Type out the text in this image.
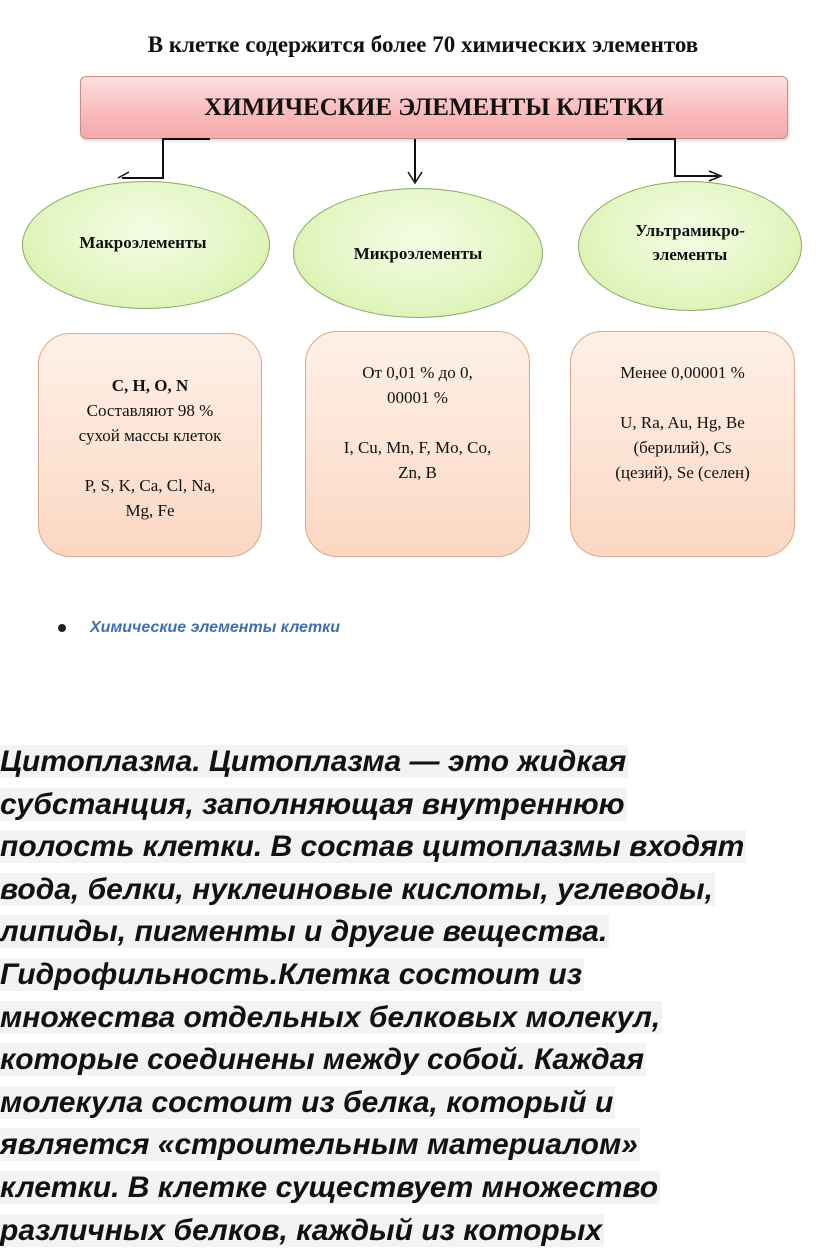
В клетке содержится более 70 химических элементов
ХИМИЧЕСКИЕ ЭЛЕМЕНТЫ КЛЕТКИ
Макроэлементы
Микроэлементы
Ультрамикро-
элементы
C, H, O, N
Составляют 98 %
сухой массы клеток
P, S, K, Ca, Cl, Na,
Mg, Fe
От 0,01 % до 0,
00001 %
I, Cu, Mn, F, Mo, Co,
Zn, B
Менее 0,00001 %
U, Ra, Au, Hg, Be
(берилий), Cs
(цезий), Se (селен)
Химические элементы клетки
Цитоплазма. Цитоплазма — это жидкая
субстанция, заполняющая внутреннюю
полость клетки. В состав цитоплазмы входят
вода, белки, нуклеиновые кислоты, углеводы,
липиды, пигменты и другие вещества.
Гидрофильность.Клетка состоит из
множества отдельных белковых молекул,
которые соединены между собой. Каждая
молекула состоит из белка, который и
является «строительным материалом»
клетки. В клетке существует множество
различных белков, каждый из которых
